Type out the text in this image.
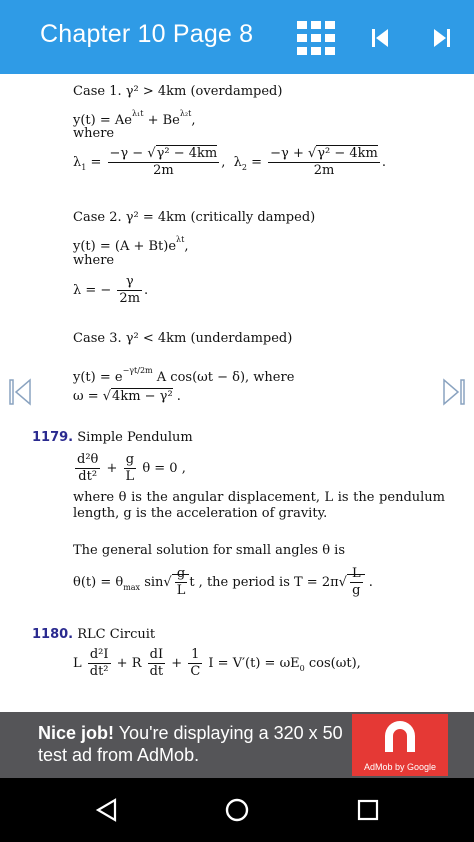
Chapter 10 Page 8
Case 1. γ² > 4km (overdamped)
$y(t) = Ae^{\lambda_1t} + Be^{\lambda_2t}$,
where
$\lambda_1 = \frac{\text{−γ − √γ² − 4km}}{2m}$ ,  $\lambda_2 = \frac{\text{−γ + √γ² − 4km}}{2m}$ .
Case 2. γ² = 4km (critically damped)
$y(t) = (A + Bt)e^{\lambda t}$,
where
λ = − $\frac{\gamma}{2m}$ .
Case 3. γ² < 4km (underdamped)
$y(t) = e^{-\gamma t/2m}$ A cos(ωt − δ), where
ω = √4km − γ² .
1179. Simple Pendulum
$\frac{\text{d²θ}}{\text{dt²}} + \frac{g}{L}$ θ = 0 ,
where θ is the angular displacement, L is the pendulum length, g is the acceleration of gravity.
The general solution for small angles θ is
$\theta(t) = \theta_{max}$ $\sin√ \frac{g}{L}$ t , the period is $T = 2\pi√ \frac{L}{g}$ .
1180. RLC Circuit
L $\frac{\text{d²I}}{\text{dt²}} + R \frac{dI}{dt} + \frac{1}{C}$ $I = V'(t) = \omega E_0$ cos(ωt),
Nice job! You're displaying a 320 x 50 test ad from AdMob.
AdMob by Google
